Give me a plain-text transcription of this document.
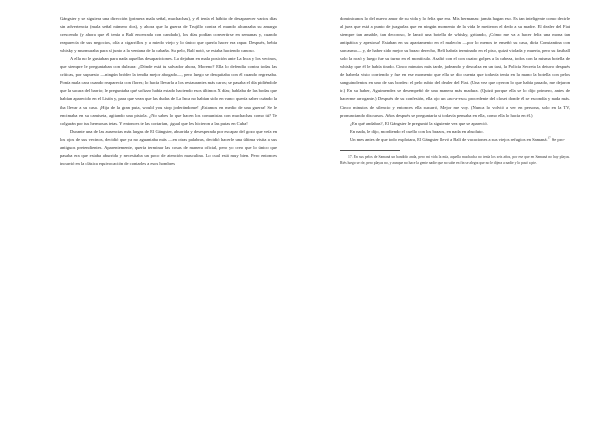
Gángster y se siguiera una dirección (primera mala señal, muchachas), y él tenía el hábito de desaparecer varios días sin advertencia (mala señal número dos), y ahora que la guerra de Trujillo contra el mundo alcanzaba su amargo crescendo (y ahora que él tenía a Balí encerrada con candado), los días podían convertirse en semanas y, cuando reaparecía de sus negocios, olía a cigarrillos y a miedo viejo y lo único que quería hacer era rapar. Después, bebía whisky y murmuraba para sí junto a la ventana de la cabaña. Su pelo, Balí notó, se estaba haciendo canoso.

A ella no le gustaban para nada aquellas desapariciones. La dejaban en mala posición ante La Inca y los vecinos, que siempre le preguntaban con dulzura: ¿Dónde está tu salvador ahora, Moreno? Ella lo defendía contra todas las críticas, por supuesto —ningún bróder la tendía mejor abogado—, pero luego se desquitaba con él cuando regresaba. Ponía mala cara cuando reaparecía con flores; lo hacía llevarla a los restaurantes más caros; se pasaba el día pidiéndole que la sacara del barrio; le preguntaba qué sofizzo había estado haciendo esos últimos X días; hablaba de las bodas que habían aparecido en el Listín y, para que vean que las dudas de La Inca no habían sido en vano: quería saber cuándo la iba llevar a su casa. ¡Hija de la gran puta, would you stop joderándome! ¡Estamos en medio de una guerra! Se le encimaba en su camiseta, agitando una pistola. ¿No sabes lo que hacen los comunistas con muchachas como tú? Te colgarán por tus hermosas tetas. Y entonces te las cortarían, ¡igual que les hicieron a las putas en Cuba!

Durante una de las ausencias más largas de El Gángster, aburrida y desesperada por escapar del gozo que veía en los ojos de sus vecinos, decidió que ya no aguantaba más —en otras palabras, decidió hacerle una última visita a sus antiguos pretendientes. Aparentemente, quería terminar las cosas de manera oficial, pero yo creo que lo único que pasaba era que estaba aburrida y necesitaba un poco de atención masculina. Lo cual está muy bien. Pero entonces incurrió en la clásica equivocación de contarles a esos hombres

dominicanos lo del nuevo amor de su vida y lo feliz que era. Mis hermanas: jamás hagan eso. Es tan inteligente como decirle al juez que está a punto de juzgarlas que en ningún momento de la vida le metieron el dedo a su madre. El dealer del Fiat siempre tan amable, tan decoroso, le lanzó una botella de whisky, gritando, ¡Cómo me va a hacer feliz una mona tan antipática y apestosa! Estaban en su apartamento en el malecón —por lo menos te enseñó su casa, diría Constantina con sarcasmo— y, de haber sido mejor su brazo derecho, Belí habría terminado en el piso, quizá violada y muerta, pero su fastball solo la rozó y luego fue su turno en el montículo. Asaltó con el con cuatro golpes a la cabeza, todos con la misma botella de whisky que él le había tirado. Cinco minutos más tarde, jadeando y descalza en un taxi, la Policía Secreta la detuvo después de haberla visto corriendo y fue en ese momento que ella se dio cuenta que todavía tenía en la mano la botella con pelos sanguinolentos en uno de sus bordes: el pelo rubio del dealer del Fiat. (Una vez que oyeron lo que había pasado, me dejaron ir.) En su haber, Aguimendez se desempeñó de una manera más madura. (Quizá porque ella se lo dijo primero, antes de hacerme arrogante.) Después de su confesión, ella ojo un «no-a-eso» procedente del closet donde él se escondía y nada más. Cinco minutos de silencio y entonces ella susurró, Mejor me voy. (Nunca lo volvió a ver en persona, solo en la TV, pronunciando discursos. Años después se preguntaría si todavía pensaba en ella, como ella lo hacía en él.)

¿En qué andabas?, El Gángster le preguntó la siguiente vez que se apareció.

En nada, le dijo, mordiendo el cuello con los brazos, en nada en absoluto.

Un mes antes de que todo explotara, El Gángster llevó a Balí de vacaciones a sus viejos refugios en Samaná.$^{17}$ Se pro-

17. En sus pelos de Samaná un bandido anda, pero mi vida la mía, aquella muchacha no tenía los seis años, por ese que en Samaná no hay playas. Riés luego se ríe, pero playas no, y aunque no hace la gente nadie que no sabe en fin se alegra que no le dijera a nadie y lo pasó a pie.
